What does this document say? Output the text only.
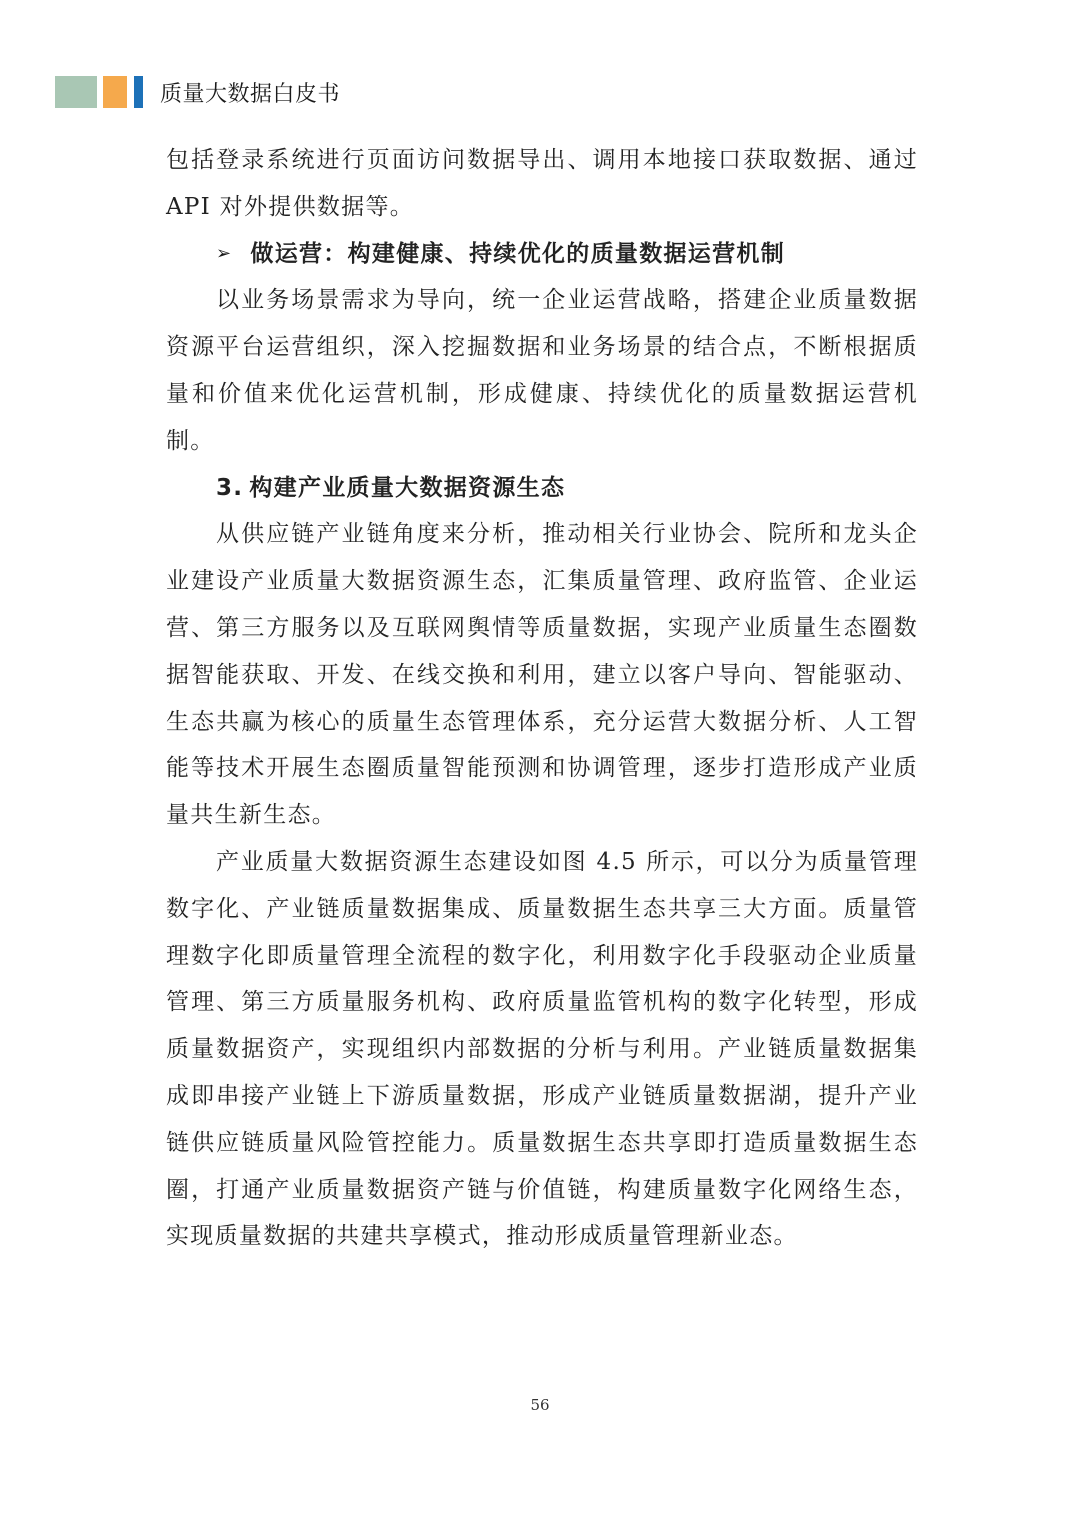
质量大数据白皮书

包括登录系统进行页面访问数据导出、调用本地接口获取数据、通过API 对外提供数据等。

➢ 做运营：构建健康、持续优化的质量数据运营机制

以业务场景需求为导向，统一企业运营战略，搭建企业质量数据资源平台运营组织，深入挖掘数据和业务场景的结合点，不断根据质量和价值来优化运营机制，形成健康、持续优化的质量数据运营机制。

3. 构建产业质量大数据资源生态

从供应链产业链角度来分析，推动相关行业协会、院所和龙头企业建设产业质量大数据资源生态，汇集质量管理、政府监管、企业运营、第三方服务以及互联网舆情等质量数据，实现产业质量生态圈数据智能获取、开发、在线交换和利用，建立以客户导向、智能驱动、生态共赢为核心的质量生态管理体系，充分运营大数据分析、人工智能等技术开展生态圈质量智能预测和协调管理，逐步打造形成产业质量共生新生态。

产业质量大数据资源生态建设如图 4.5 所示，可以分为质量管理数字化、产业链质量数据集成、质量数据生态共享三大方面。质量管理数字化即质量管理全流程的数字化，利用数字化手段驱动企业质量管理、第三方质量服务机构、政府质量监管机构的数字化转型，形成质量数据资产，实现组织内部数据的分析与利用。产业链质量数据集成即串接产业链上下游质量数据，形成产业链质量数据湖，提升产业链供应链质量风险管控能力。质量数据生态共享即打造质量数据生态圈，打通产业质量数据资产链与价值链，构建质量数字化网络生态，实现质量数据的共建共享模式，推动形成质量管理新业态。

56
